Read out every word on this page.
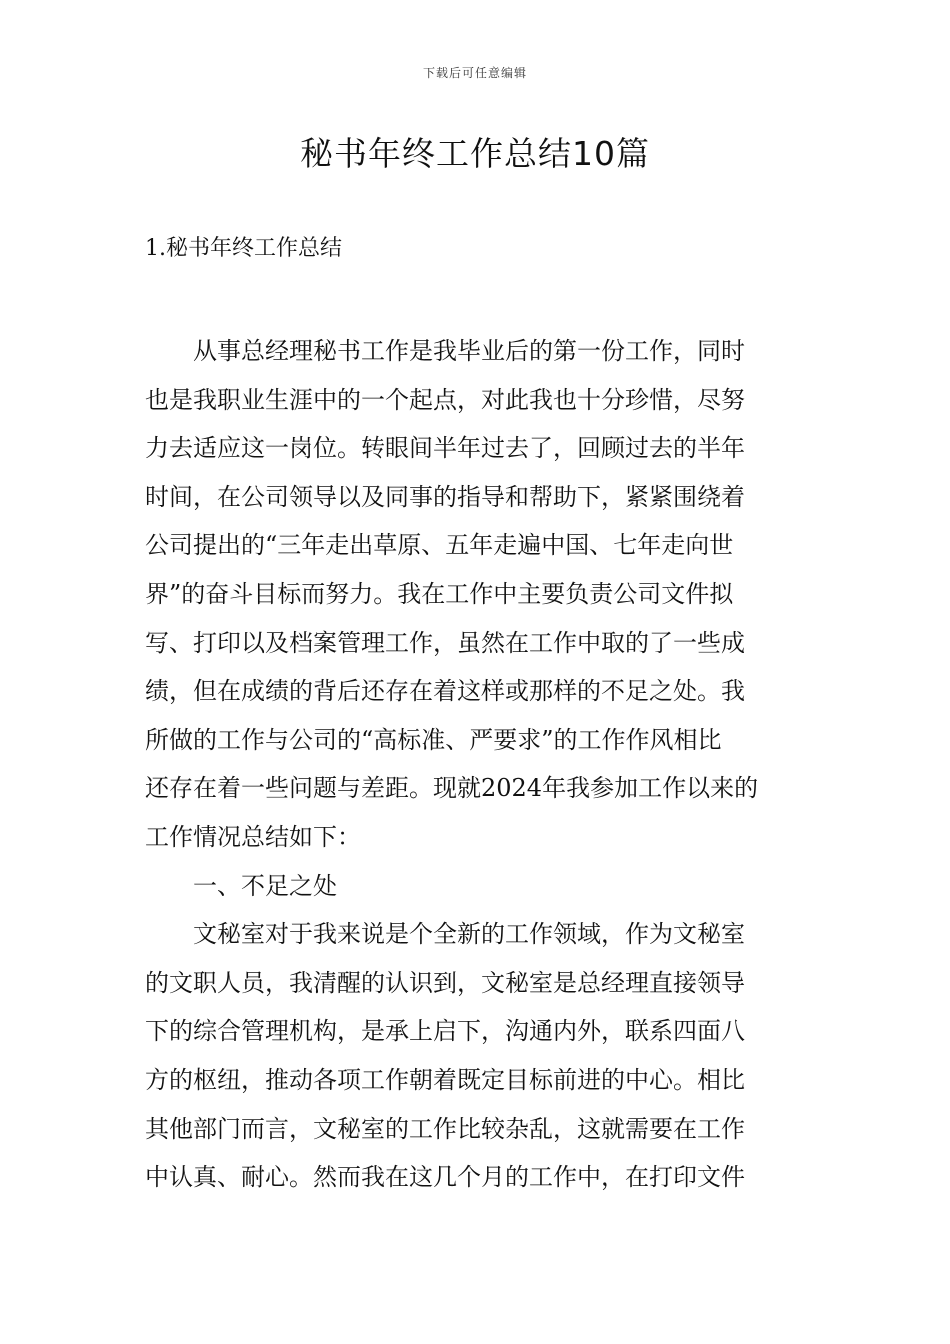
下载后可任意编辑
秘书年终工作总结10篇
1.秘书年终工作总结

从事总经理秘书工作是我毕业后的第一份工作，同时
也是我职业生涯中的一个起点，对此我也十分珍惜，尽努
力去适应这一岗位。转眼间半年过去了，回顾过去的半年
时间，在公司领导以及同事的指导和帮助下，紧紧围绕着
公司提出的“三年走出草原、五年走遍中国、七年走向世
界”的奋斗目标而努力。我在工作中主要负责公司文件拟
写、打印以及档案管理工作，虽然在工作中取的了一些成
绩，但在成绩的背后还存在着这样或那样的不足之处。我
所做的工作与公司的“高标准、严要求”的工作作风相比
还存在着一些问题与差距。现就2024年我参加工作以来的
工作情况总结如下：

一、不足之处

文秘室对于我来说是个全新的工作领域，作为文秘室
的文职人员，我清醒的认识到，文秘室是总经理直接领导
下的综合管理机构，是承上启下，沟通内外，联系四面八
方的枢纽，推动各项工作朝着既定目标前进的中心。相比
其他部门而言，文秘室的工作比较杂乱，这就需要在工作
中认真、耐心。然而我在这几个月的工作中，在打印文件
